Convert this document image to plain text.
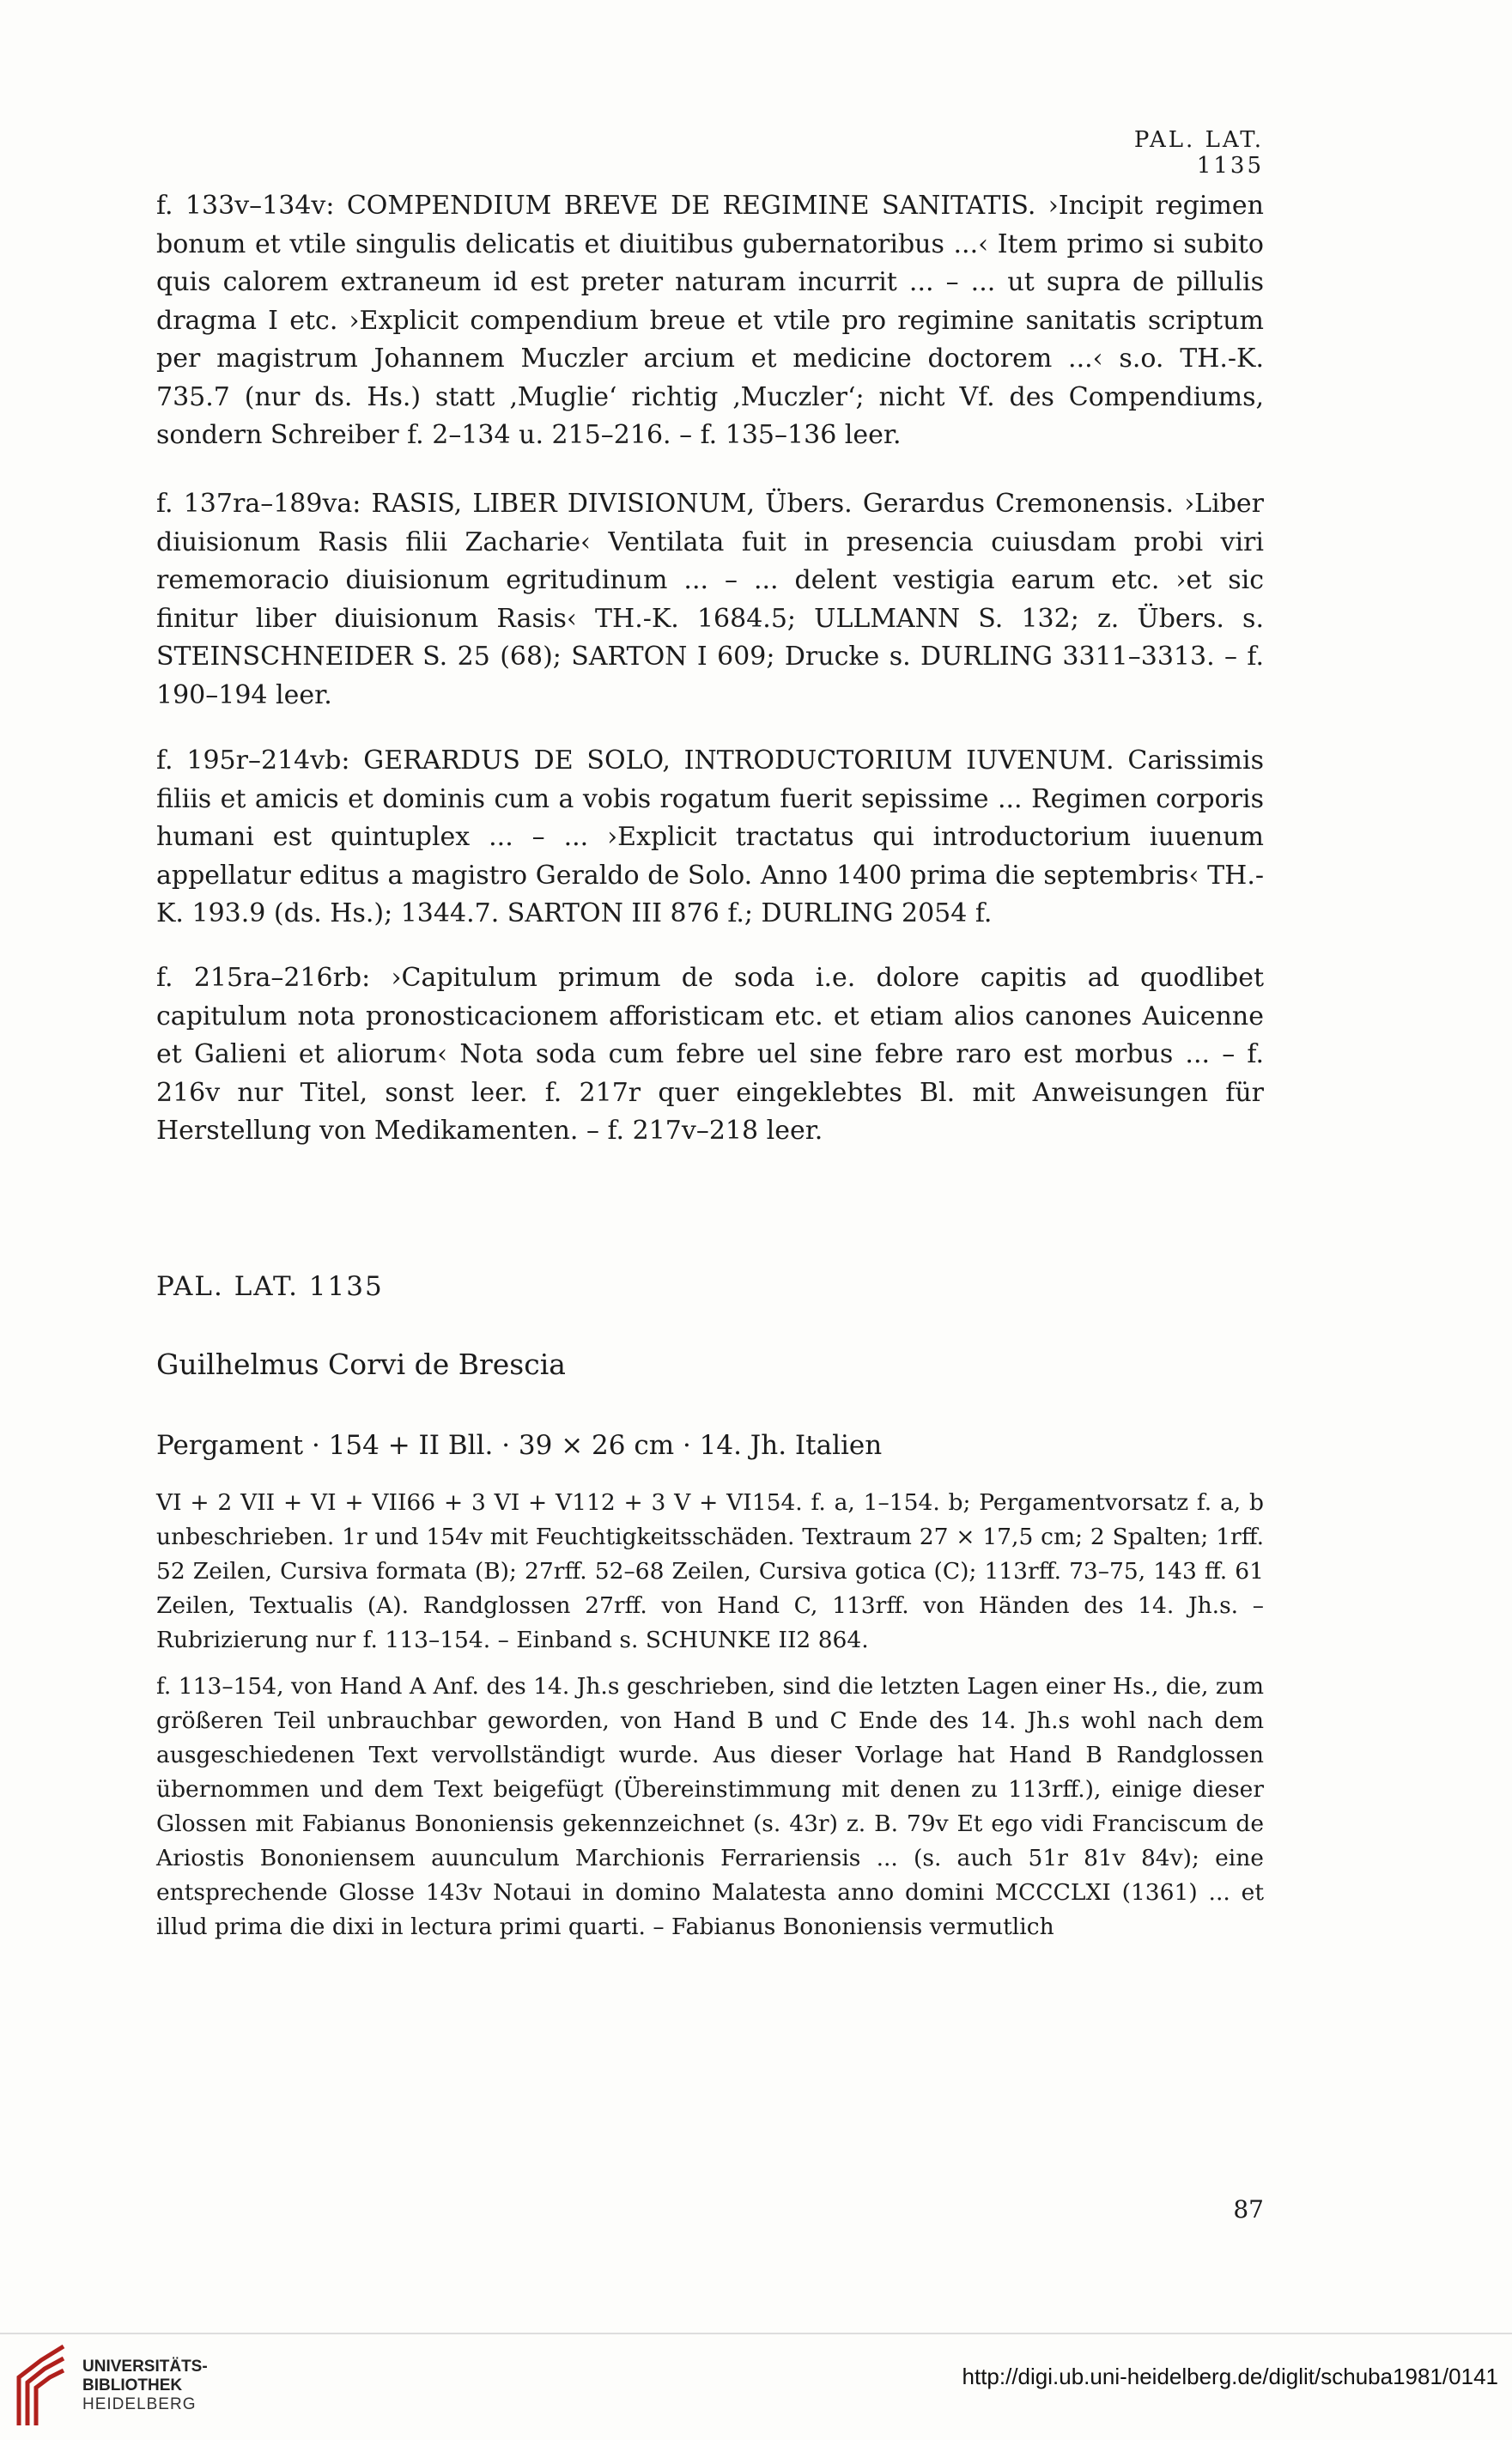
PAL. LAT. 1135

f. 133v–134v: COMPENDIUM BREVE DE REGIMINE SANITATIS. ›Incipit regimen bonum et vtile singulis delicatis et diuitibus gubernatoribus ...‹ Item primo si subito quis calorem extraneum id est preter naturam incurrit ... – ... ut supra de pillulis dragma I etc. ›Explicit compendium breue et vtile pro regimine sanitatis scriptum per magistrum Johannem Muczler arcium et medicine doctorem ...‹ s.o. TH.-K. 735.7 (nur ds. Hs.) statt ‚Muglie‘ richtig ‚Muczler‘; nicht Vf. des Compendiums, sondern Schreiber f. 2–134 u. 215–216. – f. 135–136 leer.

f. 137ra–189va: RASIS, LIBER DIVISIONUM, Übers. Gerardus Cremonensis. ›Liber diuisionum Rasis filii Zacharie‹ Ventilata fuit in presencia cuiusdam probi viri rememoracio diuisionum egritudinum ... – ... delent vestigia earum etc. ›et sic finitur liber diuisionum Rasis‹ TH.-K. 1684.5; ULLMANN S. 132; z. Übers. s. STEINSCHNEIDER S. 25 (68); SARTON I 609; Drucke s. DURLING 3311–3313. – f. 190–194 leer.

f. 195r–214vb: GERARDUS DE SOLO, INTRODUCTORIUM IUVENUM. Carissimis filiis et amicis et dominis cum a vobis rogatum fuerit sepissime ... Regimen corporis humani est quintuplex ... – ... ›Explicit tractatus qui introductorium iuuenum appellatur editus a magistro Geraldo de Solo. Anno 1400 prima die septembris‹ TH.-K. 193.9 (ds. Hs.); 1344.7. SARTON III 876 f.; DURLING 2054 f.

f. 215ra–216rb: ›Capitulum primum de soda i.e. dolore capitis ad quodlibet capitulum nota pronosticacionem afforisticam etc. et etiam alios canones Auicenne et Galieni et aliorum‹ Nota soda cum febre uel sine febre raro est morbus ... – f. 216v nur Titel, sonst leer. f. 217r quer eingeklebtes Bl. mit Anweisungen für Herstellung von Medikamenten. – f. 217v–218 leer.

PAL. LAT. 1135
Guilhelmus Corvi de Brescia
Pergament · 154 + II Bll. · 39 × 26 cm · 14. Jh. Italien

VI + 2 VII + VI + VII66 + 3 VI + V112 + 3 V + VI154. f. a, 1–154. b; Pergamentvorsatz f. a, b unbeschrieben. 1r und 154v mit Feuchtigkeitsschäden. Textraum 27 × 17,5 cm; 2 Spalten; 1rff. 52 Zeilen, Cursiva formata (B); 27rff. 52–68 Zeilen, Cursiva gotica (C); 113rff. 73–75, 143 ff. 61 Zeilen, Textualis (A). Randglossen 27rff. von Hand C, 113rff. von Händen des 14. Jh.s. – Rubrizierung nur f. 113–154. – Einband s. SCHUNKE II2 864.

f. 113–154, von Hand A Anf. des 14. Jh.s geschrieben, sind die letzten Lagen einer Hs., die, zum größeren Teil unbrauchbar geworden, von Hand B und C Ende des 14. Jh.s wohl nach dem ausgeschiedenen Text vervollständigt wurde. Aus dieser Vorlage hat Hand B Randglossen übernommen und dem Text beigefügt (Übereinstimmung mit denen zu 113rff.), einige dieser Glossen mit Fabianus Bononiensis gekennzeichnet (s. 43r) z. B. 79v Et ego vidi Franciscum de Ariostis Bononiensem auunculum Marchionis Ferrariensis ... (s. auch 51r 81v 84v); eine entsprechende Glosse 143v Notaui in domino Malatesta anno domini MCCCLXI (1361) ... et illud prima die dixi in lectura primi quarti. – Fabianus Bononiensis vermutlich

87
UNIVERSITÄTS-
BIBLIOTHEK
HEIDELBERG
http://digi.ub.uni-heidelberg.de/diglit/schuba1981/0141
